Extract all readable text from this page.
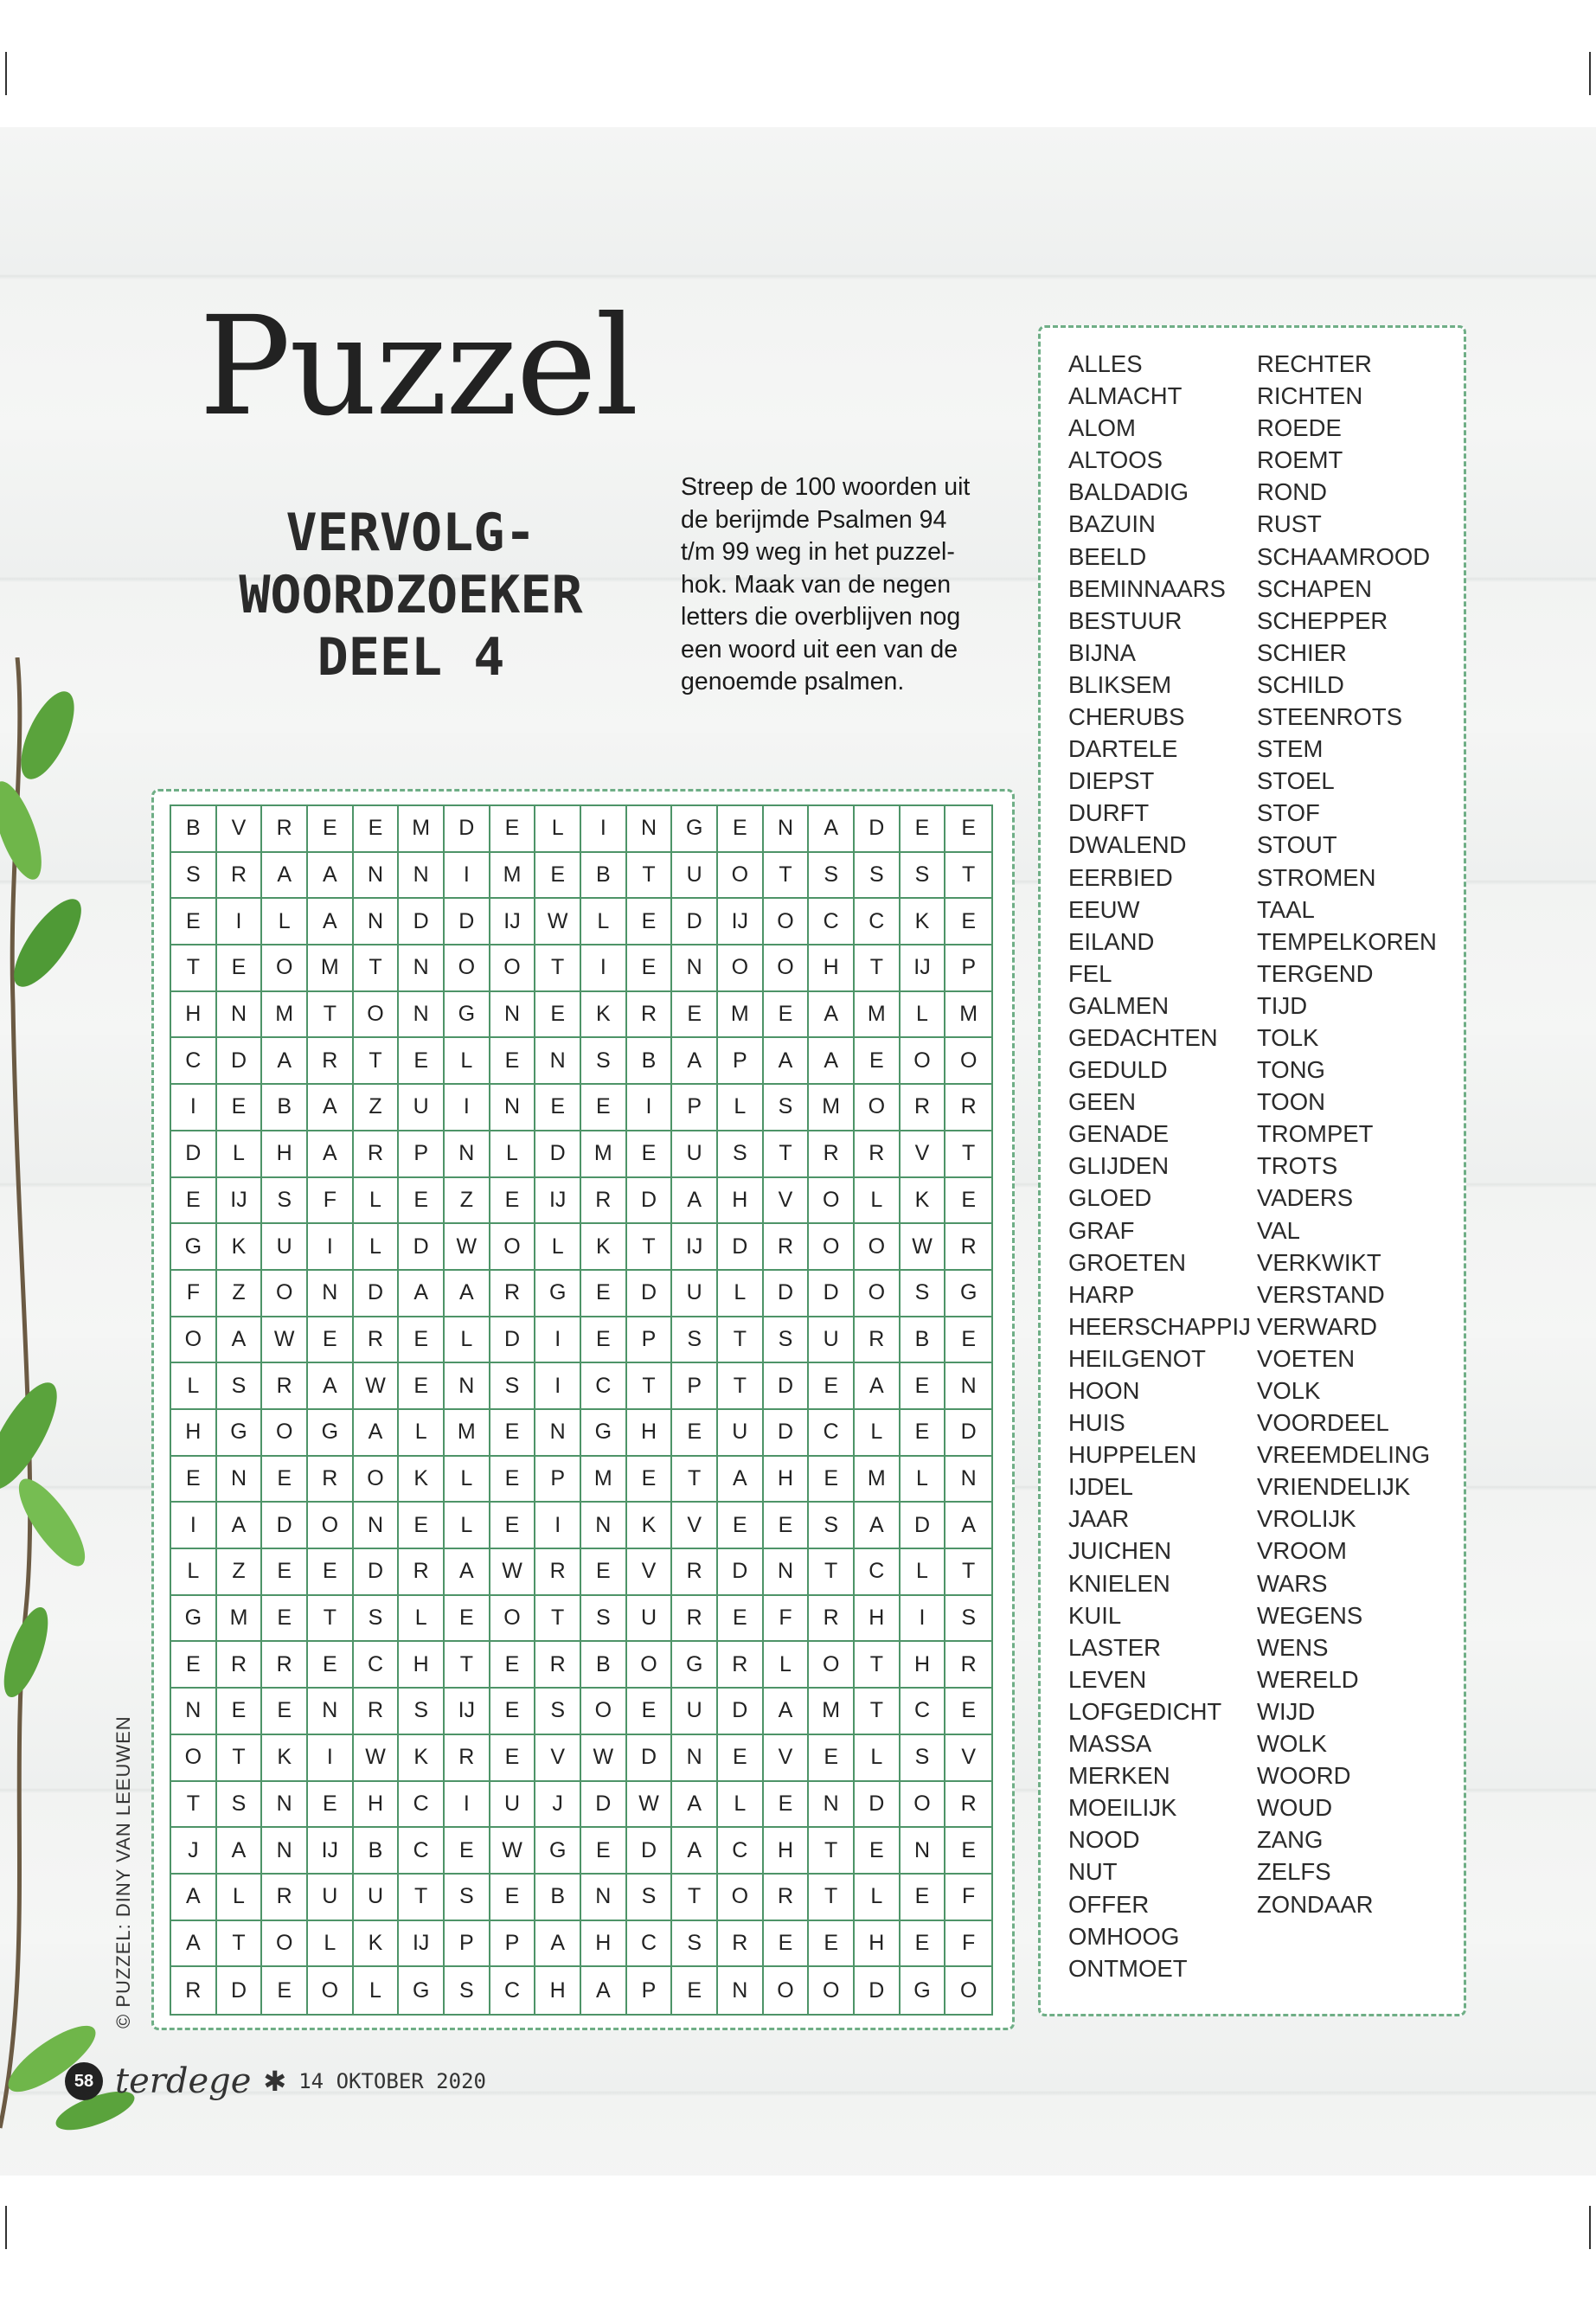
Puzzel
VERVOLG-
WOORDZOEKER
DEEL 4
Streep de 100 woorden uit
de berijmde Psalmen 94
t/m 99 weg in het puzzel-
hok. Maak van de negen
letters die overblijven nog
een woord uit een van de
genoemde psalmen.
B	V	R	E	E	M	D	E	L	I	N	G	E	N	A	D	E	E
S	R	A	A	N	N	I	M	E	B	T	U	O	T	S	S	S	T
E	I	L	A	N	D	D	IJ	W	L	E	D	IJ	O	C	C	K	E
T	E	O	M	T	N	O	O	T	I	E	N	O	O	H	T	IJ	P
H	N	M	T	O	N	G	N	E	K	R	E	M	E	A	M	L	M
C	D	A	R	T	E	L	E	N	S	B	A	P	A	A	E	O	O
I	E	B	A	Z	U	I	N	E	E	I	P	L	S	M	O	R	R
D	L	H	A	R	P	N	L	D	M	E	U	S	T	R	R	V	T
E	IJ	S	F	L	E	Z	E	IJ	R	D	A	H	V	O	L	K	E
G	K	U	I	L	D	W	O	L	K	T	IJ	D	R	O	O	W	R
F	Z	O	N	D	A	A	R	G	E	D	U	L	D	D	O	S	G
O	A	W	E	R	E	L	D	I	E	P	S	T	S	U	R	B	E
L	S	R	A	W	E	N	S	I	C	T	P	T	D	E	A	E	N
H	G	O	G	A	L	M	E	N	G	H	E	U	D	C	L	E	D
E	N	E	R	O	K	L	E	P	M	E	T	A	H	E	M	L	N
I	A	D	O	N	E	L	E	I	N	K	V	E	E	S	A	D	A
L	Z	E	E	D	R	A	W	R	E	V	R	D	N	T	C	L	T
G	M	E	T	S	L	E	O	T	S	U	R	E	F	R	H	I	S
E	R	R	E	C	H	T	E	R	B	O	G	R	L	O	T	H	R
N	E	E	N	R	S	IJ	E	S	O	E	U	D	A	M	T	C	E
O	T	K	I	W	K	R	E	V	W	D	N	E	V	E	L	S	V
T	S	N	E	H	C	I	U	J	D	W	A	L	E	N	D	O	R
J	A	N	IJ	B	C	E	W	G	E	D	A	C	H	T	E	N	E
A	L	R	U	U	T	S	E	B	N	S	T	O	R	T	L	E	F
A	T	O	L	K	IJ	P	P	A	H	C	S	R	E	E	H	E	F
R	D	E	O	L	G	S	C	H	A	P	E	N	O	O	D	G	O
ALLES
ALMACHT
ALOM
ALTOOS
BALDADIG
BAZUIN
BEELD
BEMINNAARS
BESTUUR
BIJNA
BLIKSEM
CHERUBS
DARTELE
DIEPST
DURFT
DWALEND
EERBIED
EEUW
EILAND
FEL
GALMEN
GEDACHTEN
GEDULD
GEEN
GENADE
GLIJDEN
GLOED
GRAF
GROETEN
HARP
HEERSCHAPPIJ
HEILGENOT
HOON
HUIS
HUPPELEN
IJDEL
JAAR
JUICHEN
KNIELEN
KUIL
LASTER
LEVEN
LOFGEDICHT
MASSA
MERKEN
MOEILIJK
NOOD
NUT
OFFER
OMHOOG
ONTMOET
RECHTER
RICHTEN
ROEDE
ROEMT
ROND
RUST
SCHAAMROOD
SCHAPEN
SCHEPPER
SCHIER
SCHILD
STEENROTS
STEM
STOEL
STOF
STOUT
STROMEN
TAAL
TEMPELKOREN
TERGEND
TIJD
TOLK
TONG
TOON
TROMPET
TROTS
VADERS
VAL
VERKWIKT
VERSTAND
VERWARD
VOETEN
VOLK
VOORDEEL
VREEMDELING
VRIENDELIJK
VROLIJK
VROOM
WARS
WEGENS
WENS
WERELD
WIJD
WOLK
WOORD
WOUD
ZANG
ZELFS
ZONDAAR
© PUZZEL: DINY VAN LEEUWEN
58 terdege ✱ 14 OKTOBER 2020
